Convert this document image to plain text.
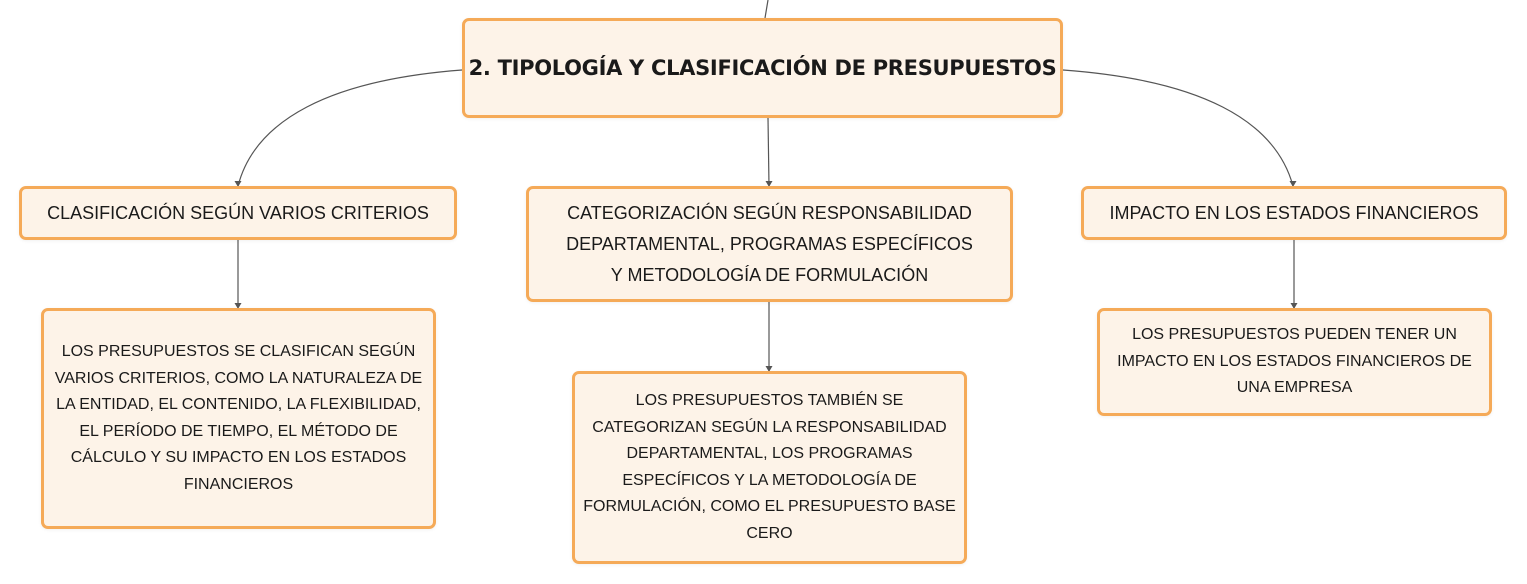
2. TIPOLOGÍA Y CLASIFICACIÓN DE PRESUPUESTOS
CLASIFICACIÓN SEGÚN VARIOS CRITERIOS	CATEGORIZACIÓN SEGÚN RESPONSABILIDAD DEPARTAMENTAL, PROGRAMAS ESPECÍFICOS Y METODOLOGÍA DE FORMULACIÓN
IMPACTO EN LOS ESTADOS FINANCIEROS
LOS PRESUPUESTOS SE CLASIFICAN SEGÚN VARIOS CRITERIOS, COMO LA NATURALEZA DE LA ENTIDAD, EL CONTENIDO, LA FLEXIBILIDAD, EL PERÍODO DE TIEMPO, EL MÉTODO DE CÁLCULO Y SU IMPACTO EN LOS ESTADOS FINANCIEROS
LOS PRESUPUESTOS TAMBIÉN SE CATEGORIZAN SEGÚN LA RESPONSABILIDAD DEPARTAMENTAL, LOS PROGRAMAS ESPECÍFICOS Y LA METODOLOGÍA DE FORMULACIÓN, COMO EL PRESUPUESTO BASE CERO
LOS PRESUPUESTOS PUEDEN TENER UN IMPACTO EN LOS ESTADOS FINANCIEROS DE UNA EMPRESA
